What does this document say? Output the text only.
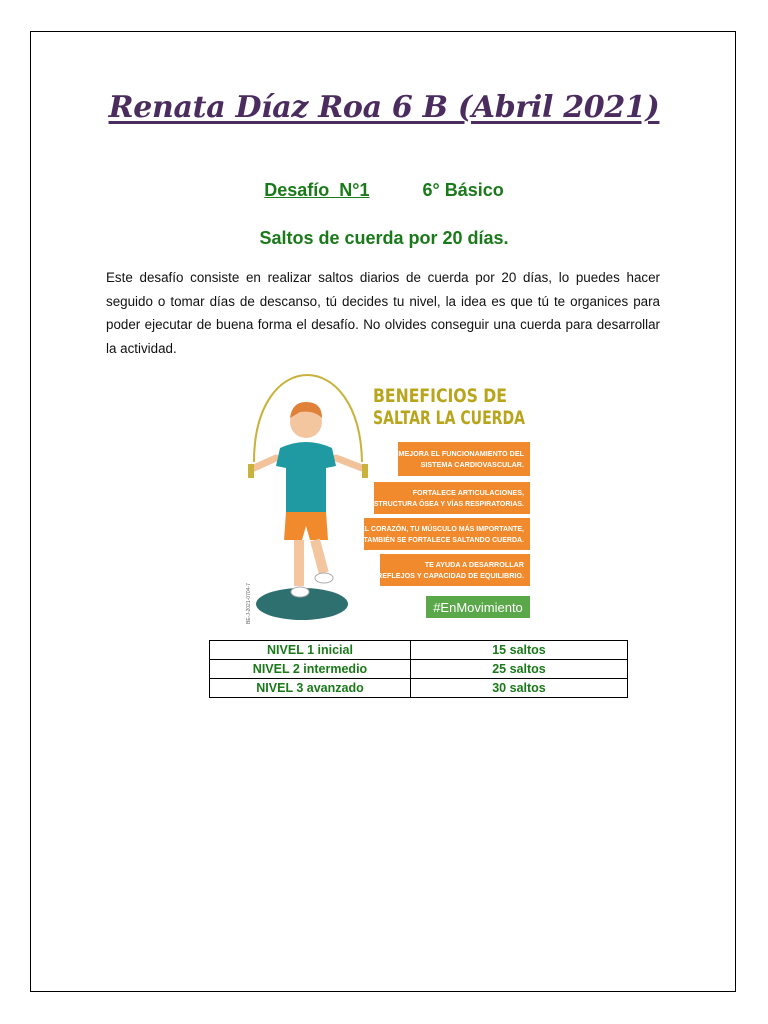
Renata Díaz Roa 6 B (Abril 2021)
Desafío  N°1	6° Básico
Saltos de cuerda por 20 días.

Este desafío consiste en realizar saltos diarios de cuerda por 20 días, lo puedes hacer seguido o tomar días de descanso, tú decides tu nivel, la idea es que tú te organices para poder ejecutar de buena forma el desafío. No olvides conseguir una cuerda para desarrollar la actividad.

BE-J-2021-0704-7
BENEFICIOS DE
SALTAR LA CUERDA
MEJORA EL FUNCIONAMIENTO DEL
SISTEMA CARDIOVASCULAR.
FORTALECE ARTICULACIONES,
ESTRUCTURA ÓSEA Y VÍAS RESPIRATORIAS.
EL CORAZÓN, TU MÚSCULO MÁS IMPORTANTE,
TAMBIÉN SE FORTALECE SALTANDO CUERDA.
TE AYUDA A DESARROLLAR
REFLEJOS Y CAPACIDAD DE EQUILIBRIO.
#EnMovimiento
NIVEL 1 inicial	15 saltos
NIVEL 2 intermedio	25 saltos
NIVEL 3 avanzado	30 saltos
